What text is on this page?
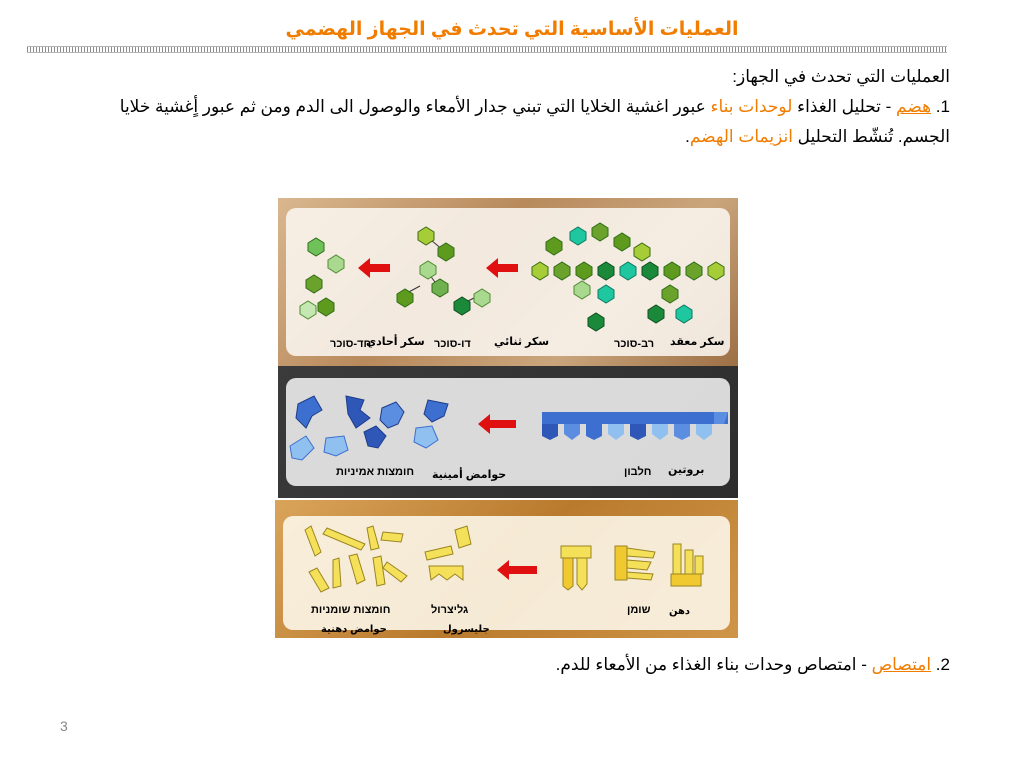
العمليات الأساسية التي تحدث في الجهاز الهضمي

العمليات التي تحدث في الجهاز:

1. هضم - تحليل الغذاء لوحدات بناء عبور اغشية الخلايا التي تبني جدار الأمعاء والوصول الى الدم ومن ثم عبور أٍغشية خلايا الجسم. تُنشّط التحليل انزيمات الهضم.

חד-סוכר
سكر أحادي דו-סוכר سكر ثنائي	רב-סוכר سكر معقد
חומצות אמיניות حوامض أمينية	חלבון بروتين
חומצות שומניות
حوامض دهنية
גליצרול
جليسرول
שומן دهن
2. امتصاص - امتصاص وحدات بناء الغذاء من الأمعاء للدم.
3
